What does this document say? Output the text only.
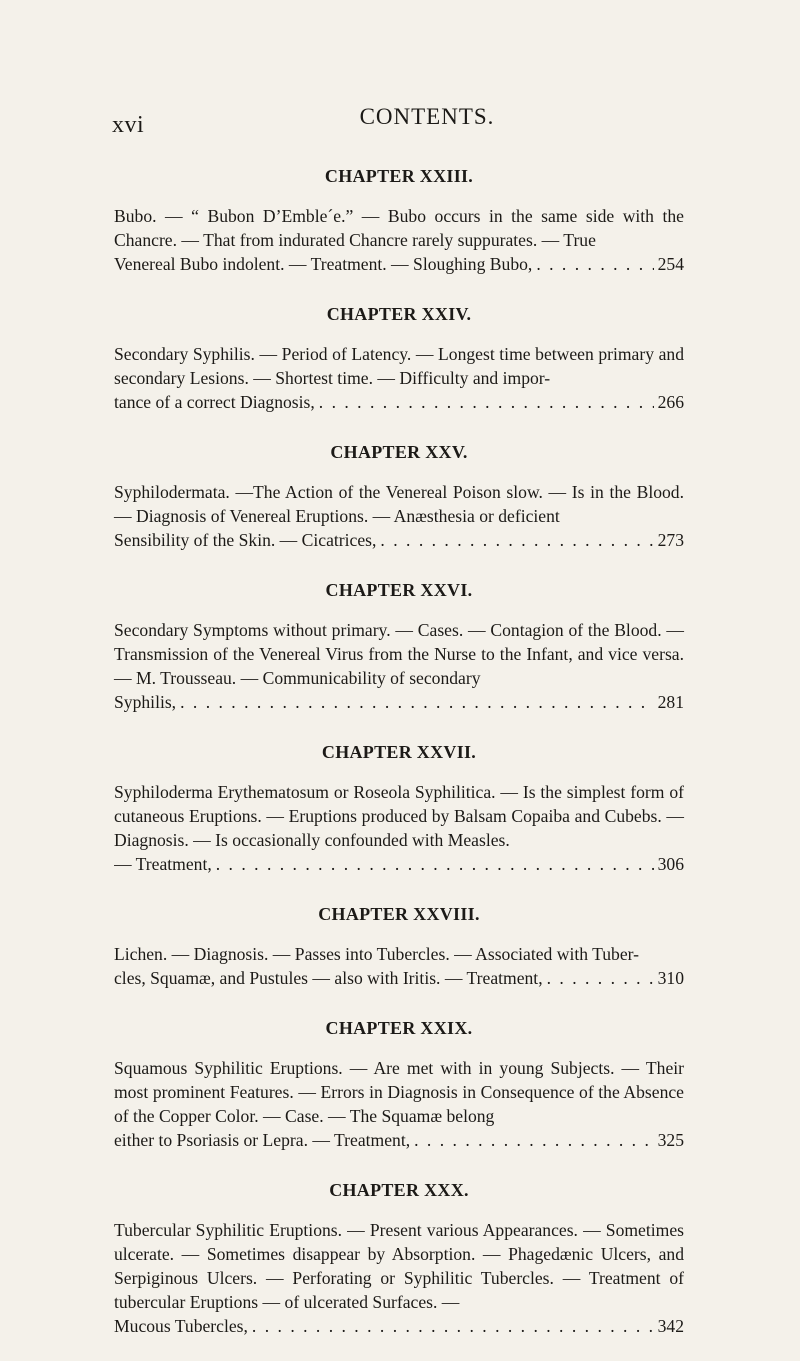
xvi	CONTENTS.
CHAPTER XXIII.
Bubo. — “ Bubon D’Emble´e.” — Bubo occurs in the same side with the Chancre. — That from indurated Chancre rarely suppurates. — True
Venereal Bubo indolent. — Treatment. — Sloughing Bubo, . . .	254
CHAPTER XXIV.
Secondary Syphilis. — Period of Latency. — Longest time between primary and secondary Lesions. — Shortest time. — Difficulty and impor-
tance of a correct Diagnosis, . . .	266
CHAPTER XXV.
Syphilodermata. —The Action of the Venereal Poison slow. — Is in the Blood. — Diagnosis of Venereal Eruptions. — Anæsthesia or deficient
Sensibility of the Skin. — Cicatrices, . . .	273
CHAPTER XXVI.
Secondary Symptoms without primary. — Cases. — Contagion of the Blood. — Transmission of the Venereal Virus from the Nurse to the Infant, and vice versa. — M. Trousseau. — Communicability of secondary
Syphilis, . . .	281
CHAPTER XXVII.
Syphiloderma Erythematosum or Roseola Syphilitica. — Is the simplest form of cutaneous Eruptions. — Eruptions produced by Balsam Copaiba and Cubebs. — Diagnosis. — Is occasionally confounded with Measles.
— Treatment, . . .	306
CHAPTER XXVIII.
Lichen. — Diagnosis. — Passes into Tubercles. — Associated with Tuber-
cles, Squamæ, and Pustules — also with Iritis. — Treatment, . . .	310
CHAPTER XXIX.
Squamous Syphilitic Eruptions. — Are met with in young Subjects. — Their most prominent Features. — Errors in Diagnosis in Consequence of the Absence of the Copper Color. — Case. — The Squamæ belong
either to Psoriasis or Lepra. — Treatment, . . .	325
CHAPTER XXX.
Tubercular Syphilitic Eruptions. — Present various Appearances. — Sometimes ulcerate. — Sometimes disappear by Absorption. — Phagedænic Ulcers, and Serpiginous Ulcers. — Perforating or Syphilitic Tubercles. — Treatment of tubercular Eruptions — of ulcerated Surfaces. —
Mucous Tubercles, . . .	342
